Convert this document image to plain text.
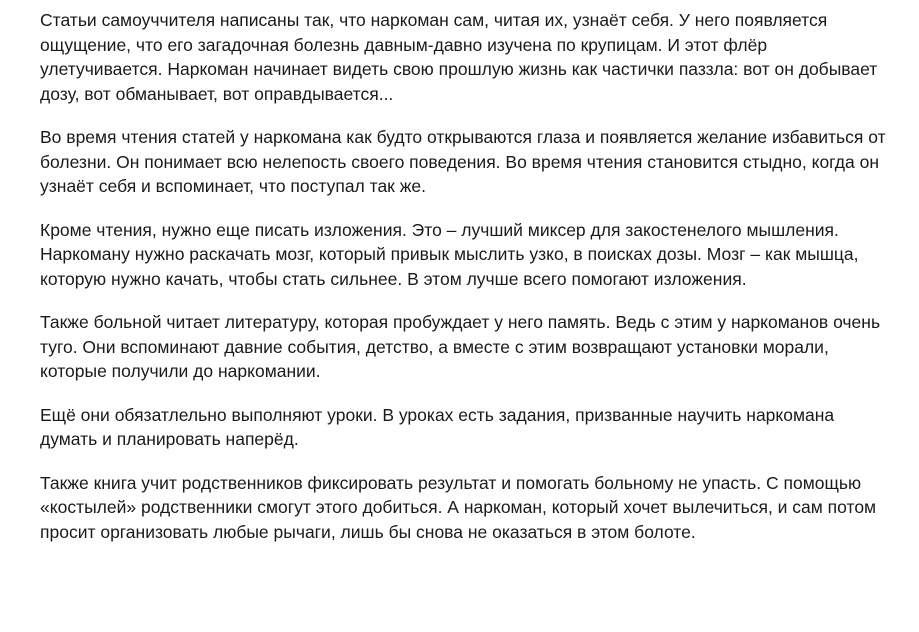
Статьи самоуччителя написаны так, что наркоман сам, читая их, узнаёт себя. У него появляется ощущение, что его загадочная болезнь давным-давно изучена по крупицам. И этот флёр улетучивается. Наркоман начинает видеть свою прошлую жизнь как частички паззла: вот он добывает дозу, вот обманывает, вот оправдывается...

Во время чтения статей у наркомана как будто открываются глаза и появляется желание избавиться от болезни. Он понимает всю нелепость своего поведения. Во время чтения становится стыдно, когда он узнаёт себя и вспоминает, что поступал так же.

Кроме чтения, нужно еще писать изложения. Это – лучший миксер для закостенелого мышления. Наркоману нужно раскачать мозг, который привык мыслить узко, в поисках дозы. Мозг – как мышца, которую нужно качать, чтобы стать сильнее. В этом лучше всего помогают изложения.

Также больной читает литературу, которая пробуждает у него память. Ведь с этим у наркоманов очень туго. Они вспоминают давние события, детство, а вместе с этим возвращают установки морали, которые получили до наркомании.

Ещё они обязатлельно выполняют уроки. В уроках есть задания, призванные научить наркомана думать и планировать наперёд.

Также книга учит родственников фиксировать результат и помогать больному не упасть. С помощью «костылей» родственники смогут этого добиться. А наркоман, который хочет вылечиться, и сам потом просит организовать любые рычаги, лишь бы снова не оказаться в этом болоте.
